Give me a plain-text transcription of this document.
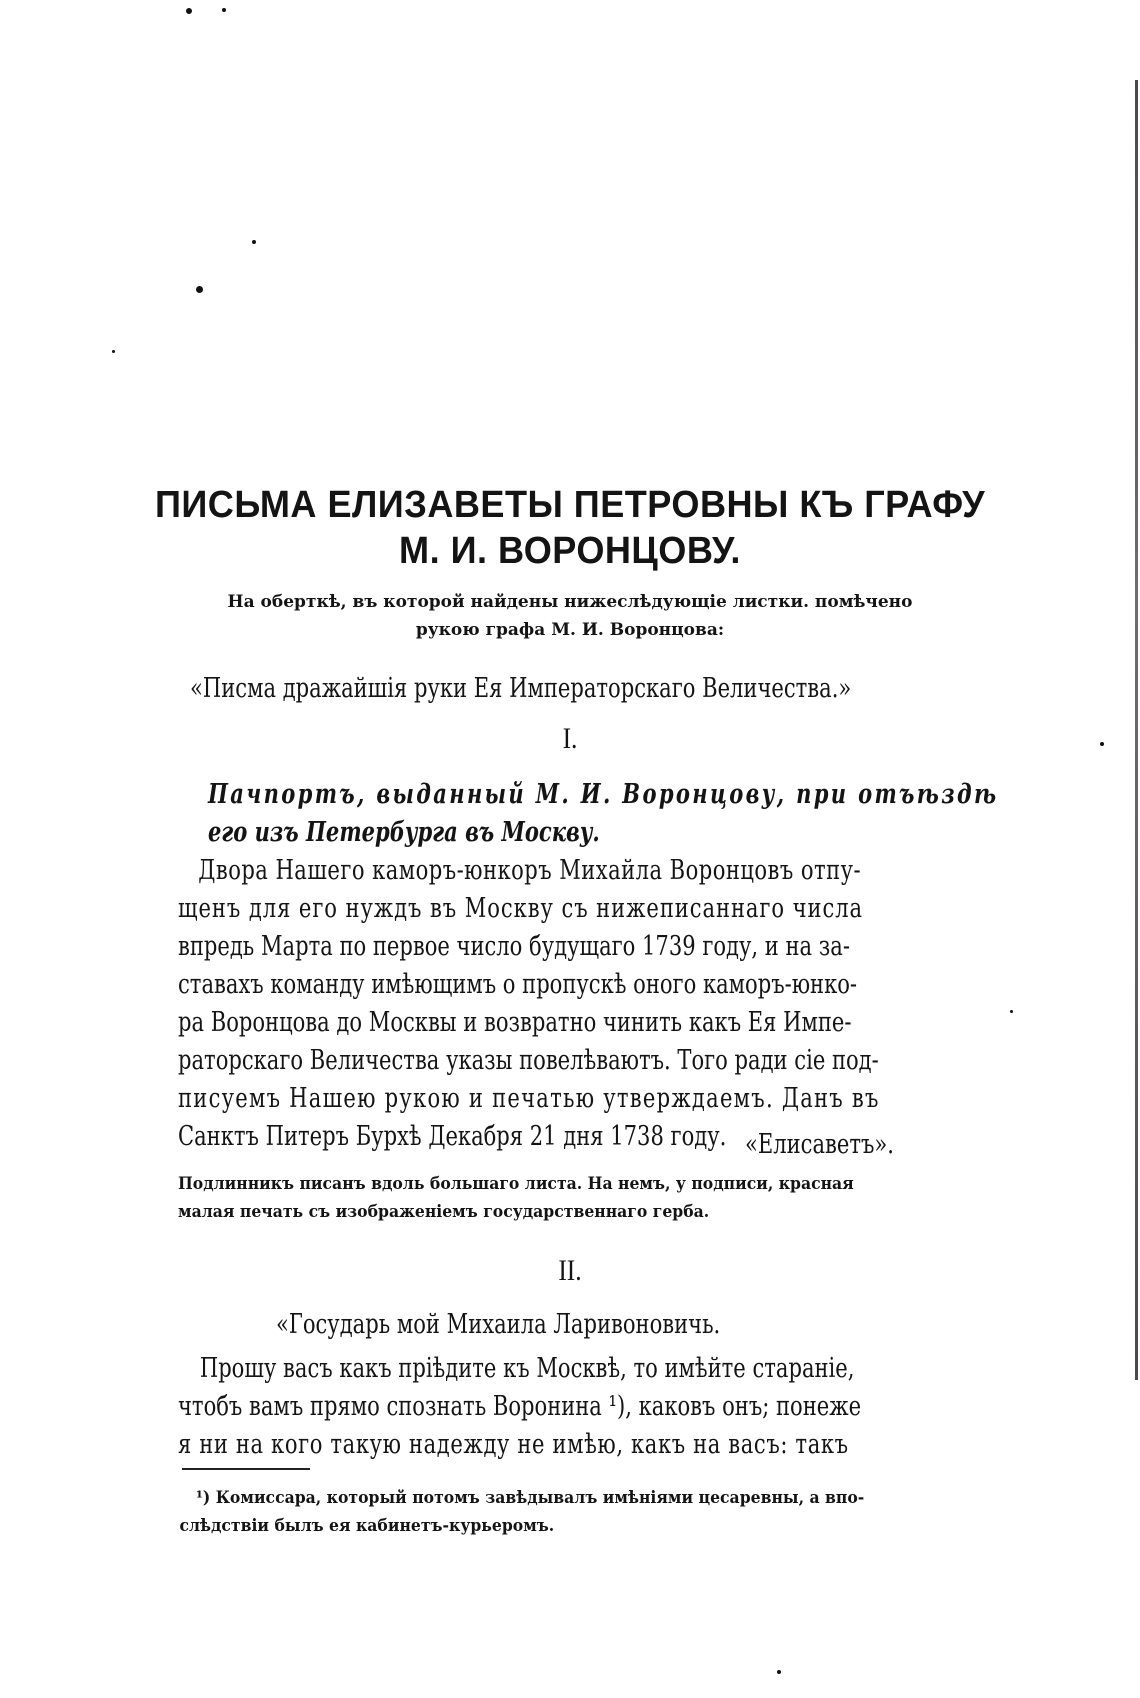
ПИСЬМА ЕЛИЗАВЕТЫ ПЕТРОВНЫ КЪ ГРАФУ
М. И. ВОРОНЦОВУ.
На оберткѣ, въ которой найдены нижеслѣдующіе листки. помѣчено
рукою графа М. И. Воронцова:
«Писма дражайшія руки Ея Императорскаго Величества.»
I.
Пачпортъ, выданный М. И. Воронцову, при отъѣздѣ
его изъ Петербурга въ Москву.
Двора Нашего каморъ-юнкоръ Михайла Воронцовъ отпу-
щенъ для его нуждъ въ Москву съ нижеписаннаго числа
впредь Марта по первое число будущаго 1739 году, и на за-
ставахъ команду имѣющимъ о пропускѣ оного каморъ-юнко-
ра Воронцова до Москвы и возвратно чинить какъ Ея Импе-
раторскаго Величества указы повелѣваютъ. Того ради сіе под-
писуемъ Нашею рукою и печатью утверждаемъ. Данъ въ
Санктъ Питеръ Бурхѣ Декабря 21 дня 1738 году. «Елисаветъ».
Подлинникъ писанъ вдоль большаго листа. На немъ, у подписи, красная
малая печать съ изображеніемъ государственнаго герба.
II.
«Государь мой Михаила Ларивоновичь.
Прошу васъ какъ пріѣдите къ Москвѣ, то имѣйте стараніе,
чтобъ вамъ прямо спознать Воронина ¹), каковъ онъ; понеже
я ни на кого такую надежду не имѣю, какъ на васъ: такъ
¹) Комиссара, который потомъ завѣдывалъ имѣніями цесаревны, а впо-
слѣдствіи былъ ея кабинетъ-курьеромъ.
